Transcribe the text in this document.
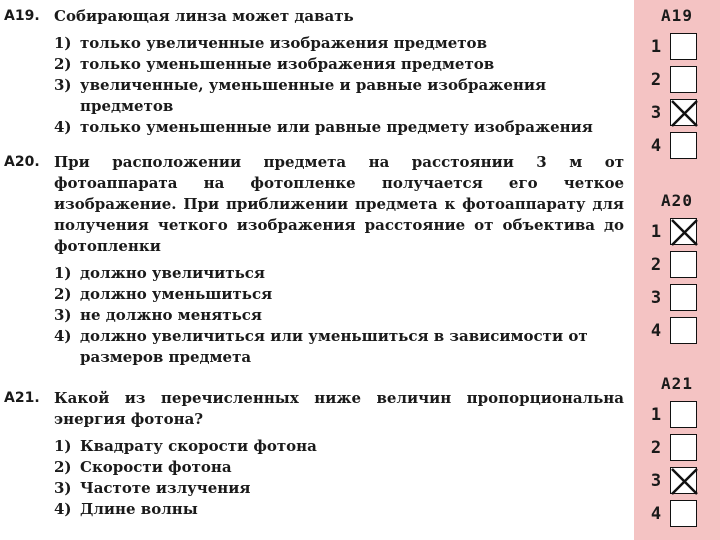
A19. Собирающая линза может давать
1) только увеличенные изображения предметов
2) только уменьшенные изображения предметов
3) увеличенные, уменьшенные и равные изображения предметов
4) только уменьшенные или равные предмету изображения
A20. При расположении предмета на расстоянии 3 м от фотоаппарата на фотопленке получается его четкое изображение. При приближении предмета к фотоаппарату для получения четкого изображения расстояние от объектива до фотопленки
1) должно увеличиться
2) должно уменьшиться
3) не должно меняться
4) должно увеличиться или уменьшиться в зависимости от размеров предмета
A21. Какой из перечисленных ниже величин пропорциональна энергия фотона?
1) Квадрату скорости фотона
2) Скорости фотона
3) Частоте излучения
4) Длине волны
A19
1
2
3
4
A20
1
2
3
4
A21
1
2
3
4
